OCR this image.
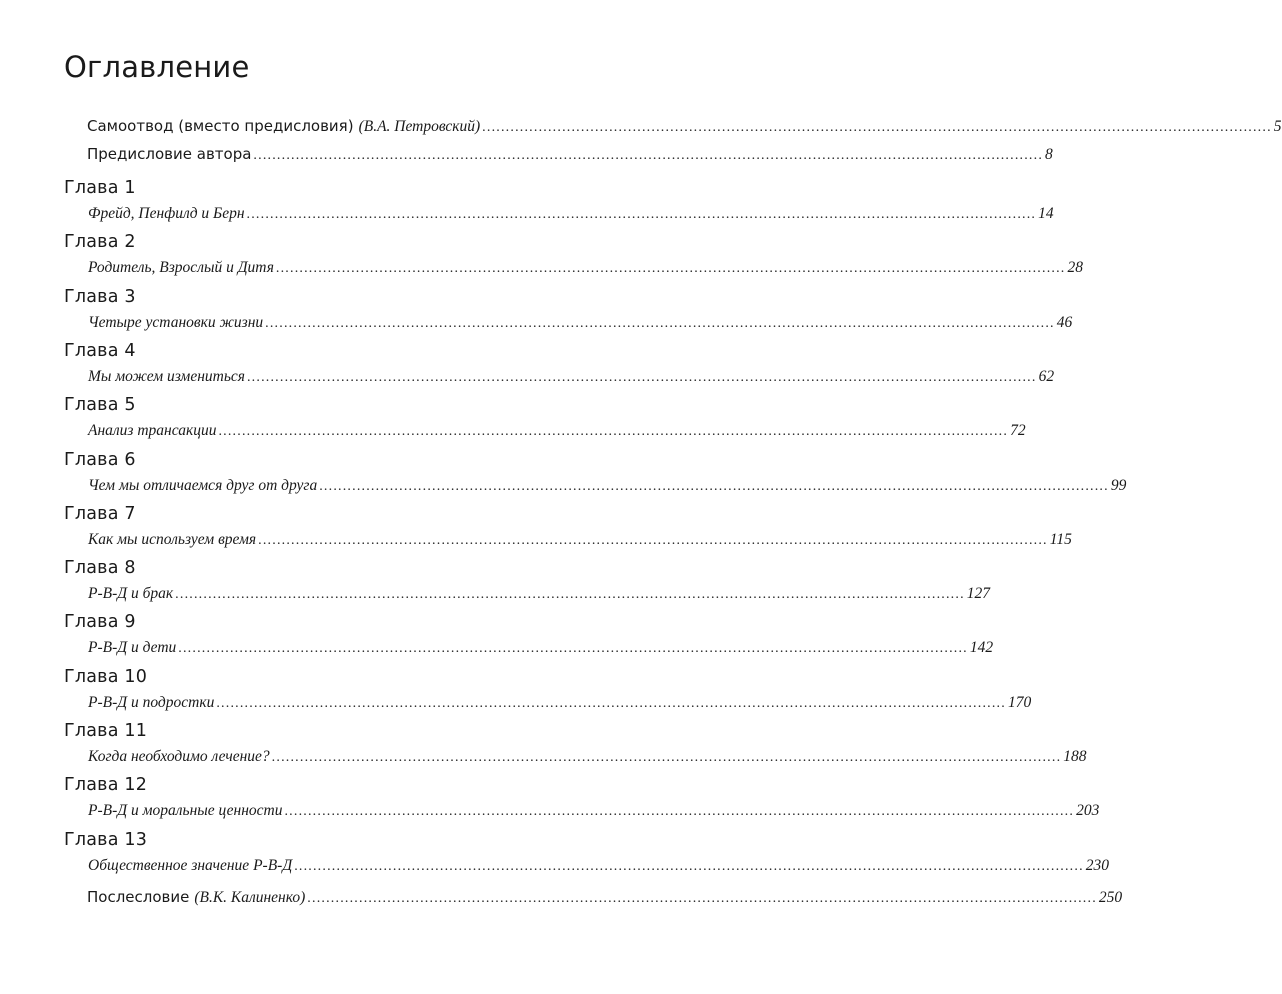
Оглавление
Самоотвод (вместо предисловия) (В.А. Петровский) ........................................................................................................................................................................ 5
Предисловие автора ........................................................................................................................................................................ 8
Глава 1
Фрейд, Пенфилд и Берн ........................................................................................................................................................................ 14
Глава 2
Родитель, Взрослый и Дитя ........................................................................................................................................................................ 28
Глава 3
Четыре установки жизни ........................................................................................................................................................................ 46
Глава 4
Мы можем измениться ........................................................................................................................................................................ 62
Глава 5
Анализ трансакции ........................................................................................................................................................................ 72
Глава 6
Чем мы отличаемся друг от друга ........................................................................................................................................................................ 99
Глава 7
Как мы используем время ........................................................................................................................................................................ 115
Глава 8
Р-В-Д и брак ........................................................................................................................................................................ 127
Глава 9
Р-В-Д и дети ........................................................................................................................................................................ 142
Глава 10
Р-В-Д и подростки ........................................................................................................................................................................ 170
Глава 11
Когда необходимо лечение? ........................................................................................................................................................................ 188
Глава 12
Р-В-Д и моральные ценности ........................................................................................................................................................................ 203
Глава 13
Общественное значение Р-В-Д ........................................................................................................................................................................ 230
Послесловие (В.К. Калиненко) ........................................................................................................................................................................ 250
